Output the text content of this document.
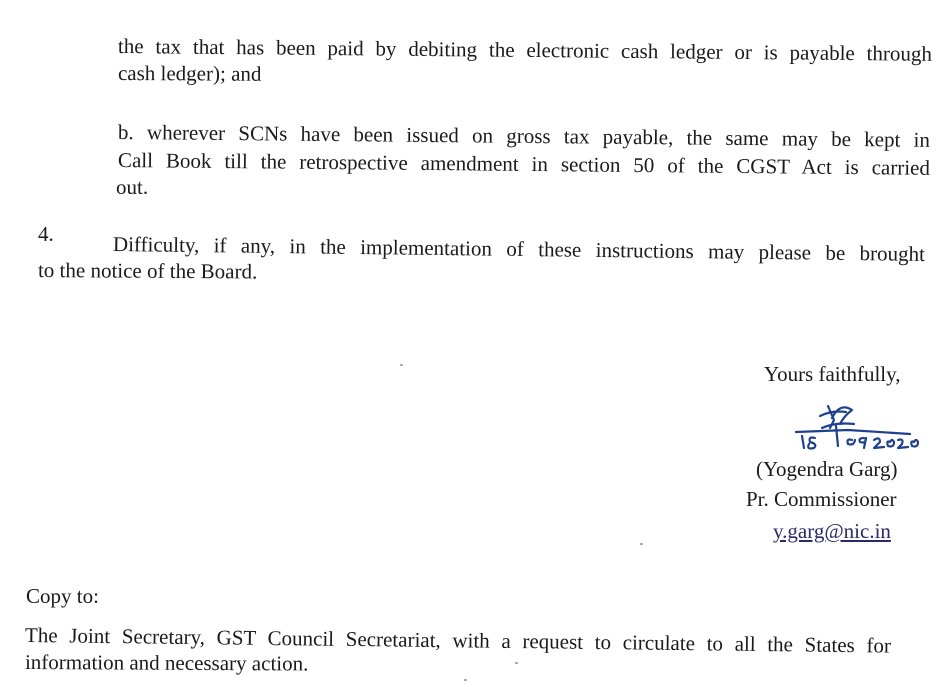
the tax that has been paid by debiting the electronic cash ledger or is payable through
cash ledger); and
b. wherever SCNs have been issued on gross tax payable, the same may be kept in
Call Book till the retrospective amendment in section 50 of the CGST Act is carried
out.
4.	Difficulty, if any, in the implementation of these instructions may please be brought
to the notice of the Board.
Yours faithfully,
(Yogendra Garg)
Pr. Commissioner
y.garg@nic.in
Copy to:
The Joint Secretary, GST Council Secretariat, with a request to circulate to all the States for
information and necessary action.
